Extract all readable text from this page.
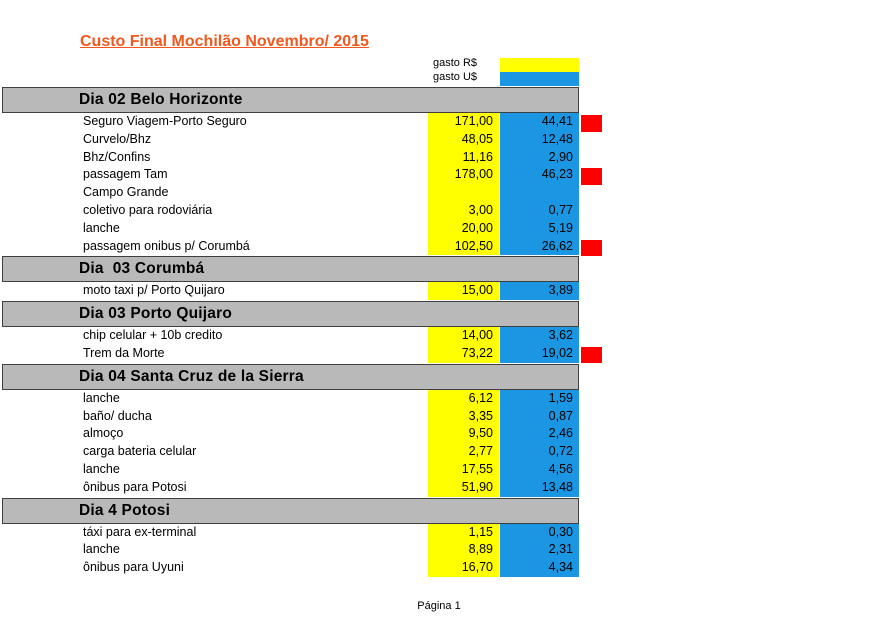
Custo Final Mochilão Novembro/ 2015
gasto R$
gasto U$
Dia 02 Belo Horizonte
Seguro Viagem-Porto Seguro	171,00	44,41
Curvelo/Bhz	48,05	12,48
Bhz/Confins	11,16	2,90
passagem Tam	178,00	46,23
Campo Grande
coletivo para rodoviária	3,00	0,77
lanche	20,00	5,19
passagem onibus p/ Corumbá	102,50	26,62
Dia  03 Corumbá
moto taxi p/ Porto Quijaro	15,00	3,89
Dia 03 Porto Quijaro
chip celular + 10b credito	14,00	3,62
Trem da Morte	73,22	19,02
Dia 04 Santa Cruz de la Sierra
lanche	6,12	1,59
baño/ ducha	3,35	0,87
almoço	9,50	2,46
carga bateria celular	2,77	0,72
lanche	17,55	4,56
ônibus para Potosi	51,90	13,48
Dia 4 Potosi
táxi para ex-terminal	1,15	0,30
lanche	8,89	2,31
ônibus para Uyuni	16,70	4,34
Página 1
